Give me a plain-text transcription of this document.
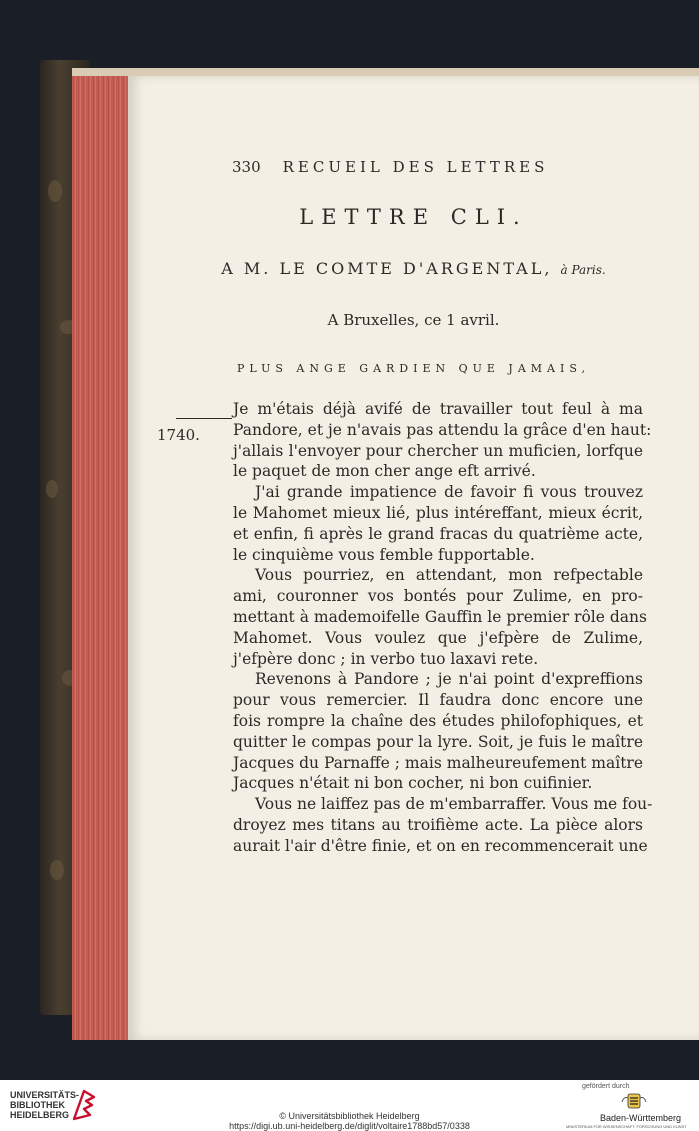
330 RECUEIL DES LETTRES
LETTRE CLI.
A M. LE COMTE D'ARGENTAL, à Paris.
A Bruxelles, ce 1 avril.
PLUS ANGE GARDIEN QUE JAMAIS,
1740.
Je m'étais déjà avifé de travailler tout feul à ma
Pandore, et je n'avais pas attendu la grâce d'en haut:
j'allais l'envoyer pour chercher un muficien, lorfque
le paquet de mon cher ange eft arrivé.
J'ai grande impatience de favoir fi vous trouvez
le Mahomet mieux lié, plus intéreffant, mieux écrit,
et enfin, fi après le grand fracas du quatrième acte,
le cinquième vous femble fupportable.
Vous pourriez, en attendant, mon refpectable
ami, couronner vos bontés pour Zulime, en pro-
mettant à mademoifelle Gauffin le premier rôle dans
Mahomet. Vous voulez que j'efpère de Zulime,
j'efpère donc ; in verbo tuo laxavi rete.
Revenons à Pandore ; je n'ai point d'expreffions
pour vous remercier. Il faudra donc encore une
fois rompre la chaîne des études philofophiques, et
quitter le compas pour la lyre. Soit, je fuis le maître
Jacques du Parnaffe ; mais malheureufement maître
Jacques n'était ni bon cocher, ni bon cuifinier.
Vous ne laiffez pas de m'embarraffer. Vous me fou-
droyez mes titans au troifième acte. La pièce alors
aurait l'air d'être finie, et on en recommencerait une
UNIVERSITÄTS-
BIBLIOTHEK
HEIDELBERG	© Universitätsbibliothek Heidelberg
https://digi.ub.uni-heidelberg.de/diglit/voltaire1788bd57/0338
gefördert durch
Baden-Württemberg
MINISTERIUM FÜR WISSENSCHAFT, FORSCHUNG UND KUNST
